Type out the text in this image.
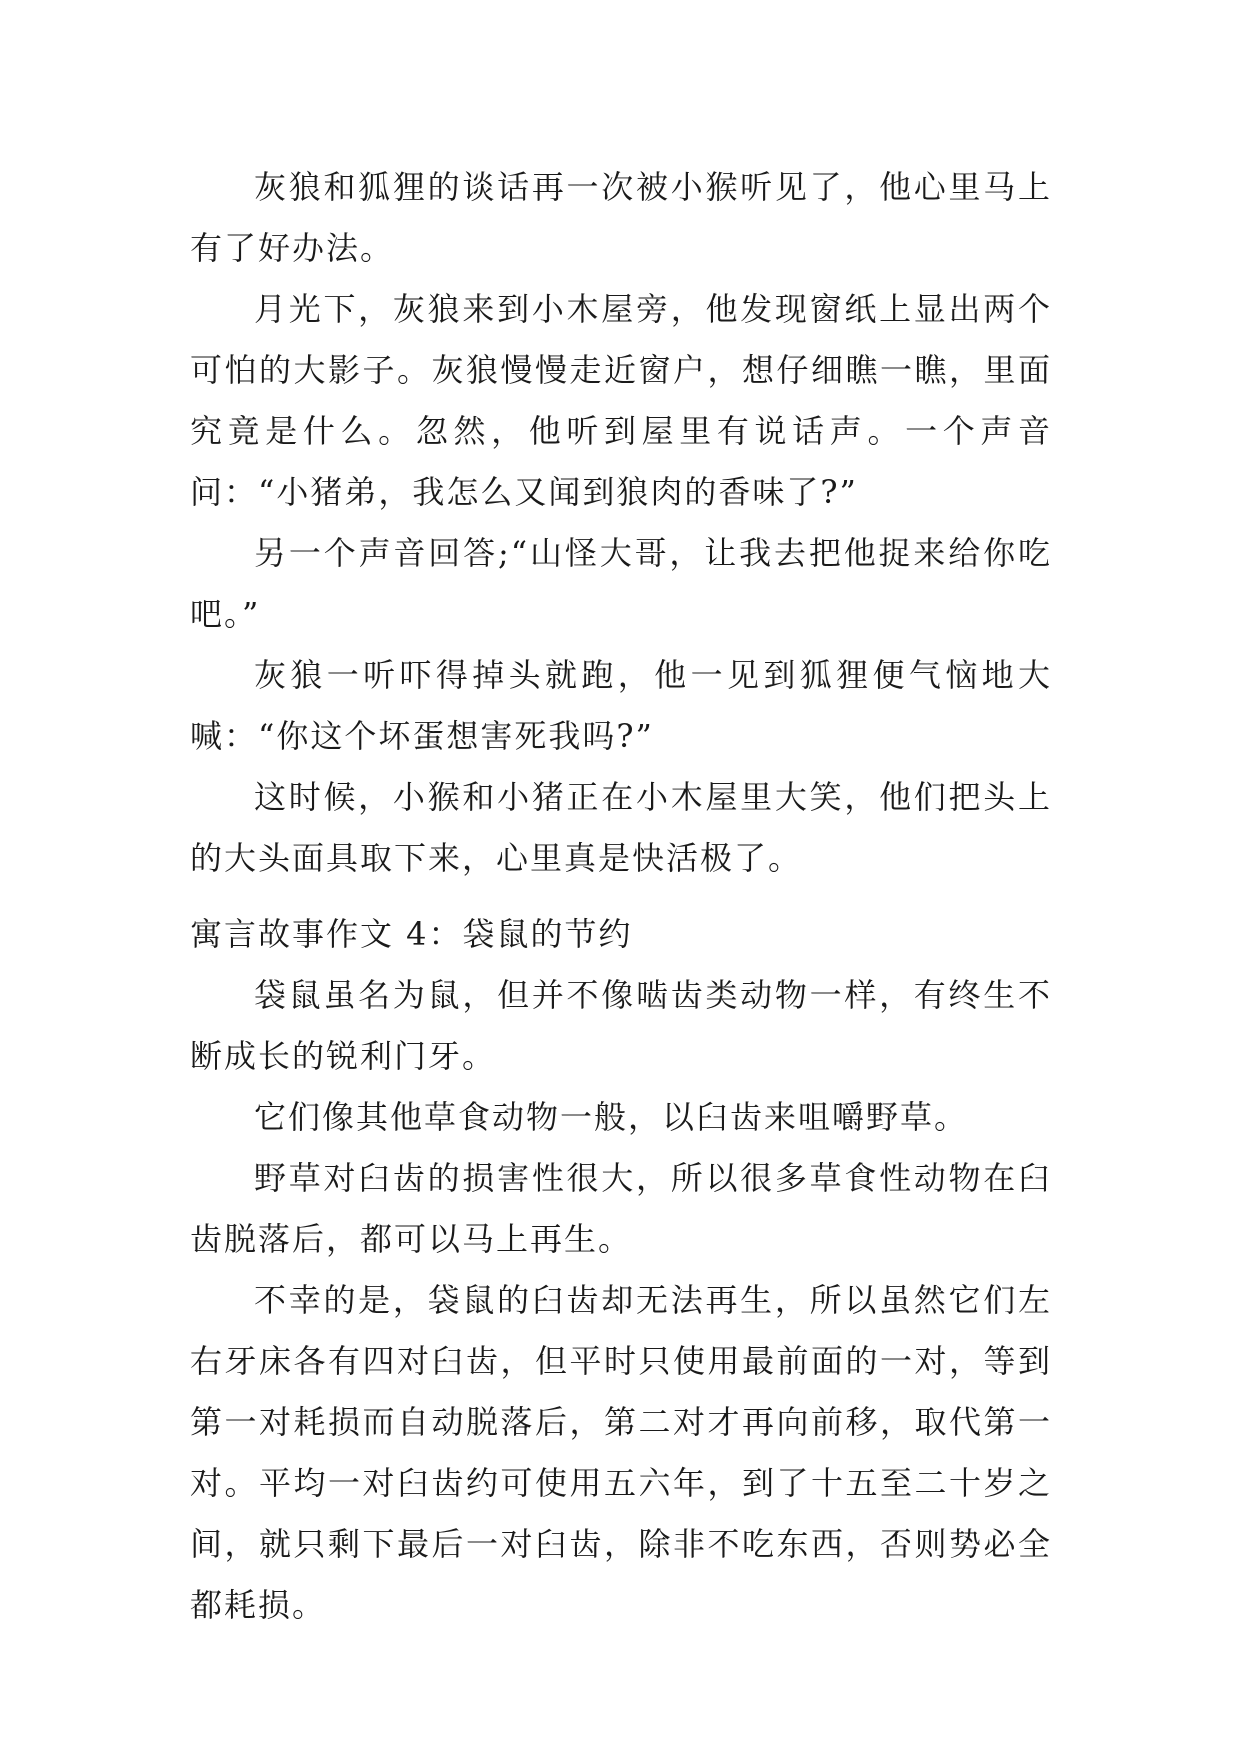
灰狼和狐狸的谈话再一次被小猴听见了，他心里马上有了好办法。

月光下，灰狼来到小木屋旁，他发现窗纸上显出两个可怕的大影子。灰狼慢慢走近窗户，想仔细瞧一瞧，里面究竟是什么。忽然，他听到屋里有说话声。一个声音问：“小猪弟，我怎么又闻到狼肉的香味了?”

另一个声音回答;“山怪大哥，让我去把他捉来给你吃吧。”

灰狼一听吓得掉头就跑，他一见到狐狸便气恼地大喊：“你这个坏蛋想害死我吗?”

这时候，小猴和小猪正在小木屋里大笑，他们把头上的大头面具取下来，心里真是快活极了。

寓言故事作文 4：袋鼠的节约

袋鼠虽名为鼠，但并不像啮齿类动物一样，有终生不断成长的锐利门牙。

它们像其他草食动物一般，以臼齿来咀嚼野草。

野草对臼齿的损害性很大，所以很多草食性动物在臼齿脱落后，都可以马上再生。

不幸的是，袋鼠的臼齿却无法再生，所以虽然它们左右牙床各有四对臼齿，但平时只使用最前面的一对，等到第一对耗损而自动脱落后，第二对才再向前移，取代第一对。平均一对臼齿约可使用五六年，到了十五至二十岁之间，就只剩下最后一对臼齿，除非不吃东西，否则势必全都耗损。
